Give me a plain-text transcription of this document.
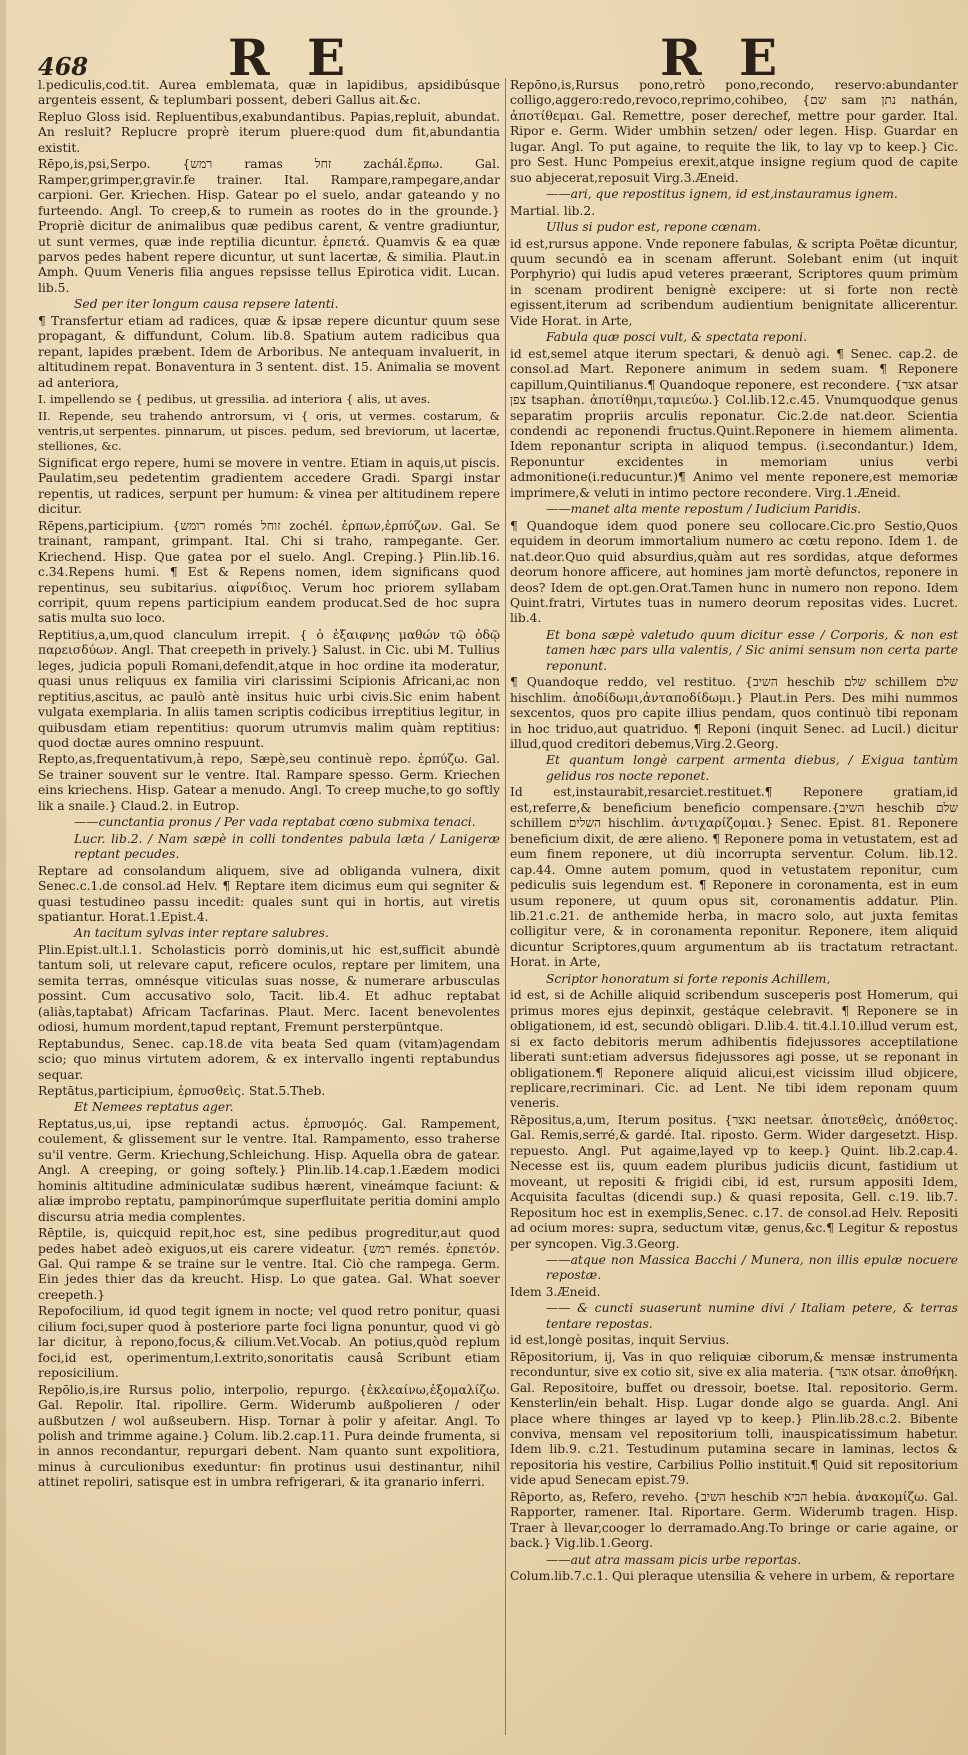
468	R E	R E

l.pediculis,cod.tit. Aurea emblemata, quæ in lapidibus, apsidibúsque argenteis essent, & teplumbari possent, deberi Gallus ait.&c.

Repluo Gloss isid. Repluentibus,exabundantibus. Papias,repluit, abundat. An resluit? Replucre proprè iterum pluere:quod dum fit,abundantia existit.

Rēpo,is,psi,Serpo. {רמש ramas זחל zachál.ἕρπω. Gal. Ramper,grimper,gravir.fe trainer. Ital. Rampare,rampegare,andar carpioni. Ger. Kriechen. Hisp. Gatear po el suelo, andar gateando y no furteendo. Angl. To creep,& to rumein as rootes do in the grounde.} Propriè dicitur de animalibus quæ pedibus carent, & ventre gradiuntur, ut sunt vermes, quæ inde reptilia dicuntur. ἑρπετά. Quamvis & ea quæ parvos pedes habent repere dicuntur, ut sunt lacertæ, & similia. Plaut.in Amph. Quum Veneris filia angues repsisse tellus Epirotica vidit. Lucan. lib.5.

Sed per iter longum causa repsere latenti.

¶ Transfertur etiam ad radices, quæ & ipsæ repere dicuntur quum sese propagant, & diffundunt, Colum. lib.8. Spatium autem radicibus qua repant, lapides præbent. Idem de Arboribus. Ne antequam invaluerit, in altitudinem repat. Bonaventura in 3 sentent. dist. 15. Animalia se movent ad anteriora,

I. impellendo se { pedibus, ut gressilia. ad interiora { alis, ut aves.

II. Repende, seu trahendo antrorsum, vi { oris, ut vermes. costarum, & ventris,ut serpentes. pinnarum, ut pisces. pedum, sed breviorum, ut lacertæ, stelliones, &c.

Significat ergo repere, humi se movere in ventre. Etiam in aquis,ut piscis. Paulatim,seu pedetentim gradientem accedere Gradi. Spargi instar repentis, ut radices, serpunt per humum: & vinea per altitudinem repere dicitur.

Rēpens,participium. {רומש romés זוחל zochél. ἑρπων,ἑρπύζων. Gal. Se trainant, rampant, grimpant. Ital. Chi si traho, rampegante. Ger. Kriechend. Hisp. Que gatea por el suelo. Angl. Creping.} Plin.lib.16. c.34.Repens humi. ¶ Est & Repens nomen, idem significans quod repentinus, seu subitarius. αἰφνίδιος. Verum hoc priorem syllabam corripit, quum repens participium eandem producat.Sed de hoc supra satis multa suo loco.

Reptitius,a,um,quod clanculum irrepit. { ὁ ἐξαιφνης μαθών τῷ ὁδῷ παρεισδύων. Angl. That creepeth in prively.} Salust. in Cic. ubi M. Tullius leges, judicia populi Romani,defendit,atque in hoc ordine ita moderatur, quasi unus reliquus ex familia viri clarissimi Scipionis Africani,ac non reptitius,ascitus, ac paulò antè insitus huic urbi civis.Sic enim habent vulgata exemplaria. In aliis tamen scriptis codicibus irreptitius legitur, in quibusdam etiam repentitius: quorum utrumvis malim quàm reptitius: quod doctæ aures omnino respuunt.

Repto,as,frequentativum,à repo, Sæpè,seu continuè repo. ἑρπύζω. Gal. Se trainer souvent sur le ventre. Ital. Rampare spesso. Germ. Kriechen eins kriechens. Hisp. Gatear a menudo. Angl. To creep muche,to go softly lik a snaile.} Claud.2. in Eutrop.

——cunctantia pronus / Per vada reptabat cœno submixa tenaci.

Lucr. lib.2. / Nam sæpè in colli tondentes pabula læta / Lanigeræ reptant pecudes.

Reptare ad consolandum aliquem, sive ad obliganda vulnera, dixit Senec.c.1.de consol.ad Helv. ¶ Reptare item dicimus eum qui segniter & quasi testudineo passu incedit: quales sunt qui in hortis, aut viretis spatiantur. Horat.1.Epist.4.

An tacitum sylvas inter reptare salubres.

Plin.Epist.ult.l.1. Scholasticis porrò dominis,ut hic est,sufficit abundè tantum soli, ut relevare caput, reficere oculos, reptare per limitem, una semita terras, omnésque viticulas suas nosse, & numerare arbusculas possint. Cum accusativo solo, Tacit. lib.4. Et adhuc reptabat (aliàs,taptabat) Africam Tacfarinas. Plaut. Merc. Iacent benevolentes odiosi, humum mordent,tapud reptant, Fremunt persterpüntque.

Reptabundus, Senec. cap.18.de vita beata Sed quam (vitam)agendam scio; quo minus virtutem adorem, & ex intervallo ingenti reptabundus sequar.

Reptātus,participium, ἑρπυσθεὶς. Stat.5.Theb.

Et Nemees reptatus ager.

Reptatus,us,ui, ipse reptandi actus. ἑρπυσμός. Gal. Rampement, coulement, & glissement sur le ventre. Ital. Rampamento, esso traherse su'il ventre. Germ. Kriechung,Schleichung. Hisp. Aquella obra de gatear. Angl. A creeping, or going softely.} Plin.lib.14.cap.1.Eædem modici hominis altitudine adminiculatæ sudibus hærent, vineámque faciunt: & aliæ improbo reptatu, pampinorúmque superfluitate peritia domini amplo discursu atria media complentes.

Rēptile, is, quicquid repit,hoc est, sine pedibus progreditur,aut quod pedes habet adeò exiguos,ut eis carere videatur. {רמש remés. ἑρπετόν. Gal. Qui rampe & se traine sur le ventre. Ital. Ciò che rampega. Germ. Ein jedes thier das da kreucht. Hisp. Lo que gatea. Gal. What soever creepeth.}

Repofocilium, id quod tegit ignem in nocte; vel quod retro ponitur, quasi cilium foci,super quod à posteriore parte foci ligna ponuntur, quod vi gò lar dicitur, à repono,focus,& cilium.Vet.Vocab. An potius,quòd replum foci,id est, operimentum,l.extrito,sonoritatis causâ Scribunt etiam reposicilium.

Repōlio,is,ire Rursus polio, interpolio, repurgo. {ἐκλεαίνω,ἐξομαλίζω. Gal. Repolir. Ital. ripollire. Germ. Widerumb außpolieren / oder außbutzen / wol außseubern. Hisp. Tornar à polir y afeitar. Angl. To polish and trimme againe.} Colum. lib.2.cap.11. Pura deinde frumenta, si in annos recondantur, repurgari debent. Nam quanto sunt expolitiora, minus à curculionibus exeduntur: fin protinus usui destinantur, nihil attinet repoliri, satisque est in umbra refrigerari, & ita granario inferri.

Repōno,is,Rursus pono,retrò pono,recondo, reservo:abundanter colligo,aggero:redo,revoco,reprimo,cohibeo, {שם sam נתן nathán, ἀποτίθεμαι. Gal. Remettre, poser derechef, mettre pour garder. Ital. Ripor e. Germ. Wider umbhin setzen/ oder legen. Hisp. Guardar en lugar. Angl. To put againe, to requite the lik, to lay vp to keep.} Cic. pro Sest. Hunc Pompeius erexit,atque insigne regium quod de capite suo abjecerat,reposuit Virg.3.Æneid.

——ari, que repostitus ignem, id est,instauramus ignem.

Martial. lib.2.

Ullus si pudor est, repone cœnam.

id est,rursus appone. Vnde reponere fabulas, & scripta Poëtæ dicuntur, quum secundò ea in scenam afferunt. Solebant enim (ut inquit Porphyrio) qui ludis apud veteres præerant, Scriptores quum primùm in scenam prodirent benignè excipere: ut si forte non rectè egissent,iterum ad scribendum audientium benignitate allicerentur. Vide Horat. in Arte,

Fabula quæ posci vult, & spectata reponi.

id est,semel atque iterum spectari, & denuò agi. ¶ Senec. cap.2. de consol.ad Mart. Reponere animum in sedem suam. ¶ Reponere capillum,Quintilianus.¶ Quandoque reponere, est recondere. {אצר atsar צפן tsaphan. ἀποτίθημι,ταμιεύω.} Col.lib.12.c.45. Vnumquodque genus separatim propriis arculis reponatur. Cic.2.de nat.deor. Scientia condendi ac reponendi fructus.Quint.Reponere in hiemem alimenta. Idem reponantur scripta in aliquod tempus. (i.secondantur.) Idem, Reponuntur excidentes in memoriam unius verbi admonitione(i.reducuntur.)¶ Animo vel mente reponere,est memoriæ imprimere,& veluti in intimo pectore recondere. Virg.1.Æneid.

——manet alta mente repostum / Iudicium Paridis.

¶ Quandoque idem quod ponere seu collocare.Cic.pro Sestio,Quos equidem in deorum immortalium numero ac cœtu repono. Idem 1. de nat.deor.Quo quid absurdius,quàm aut res sordidas, atque deformes deorum honore afficere, aut homines jam mortè defunctos, reponere in deos? Idem de opt.gen.Orat.Tamen hunc in numero non repono. Idem Quint.fratri, Virtutes tuas in numero deorum repositas vides. Lucret. lib.4.

Et bona sæpè valetudo quum dicitur esse / Corporis, & non est tamen hæc pars ulla valentis, / Sic animi sensum non certa parte reponunt.

¶ Quandoque reddo, vel restituo. {השיב heschib שלם schillem שלם hischlim. ἀποδίδωμι,ἀνταποδίδωμι.} Plaut.in Pers. Des mihi nummos sexcentos, quos pro capite illius pendam, quos continuò tibi reponam in hoc triduo,aut quatriduo. ¶ Reponi (inquit Senec. ad Lucil.) dicitur illud,quod creditori debemus,Virg.2.Georg.

Et quantum longè carpent armenta diebus, / Exigua tantùm gelidus ros nocte reponet.

Id est,instaurabit,resarciet.restituet.¶ Reponere gratiam,id est,referre,& beneficium beneficio compensare.{השיב heschib שלם schillem השלים hischlim. ἀντιχαρίζομαι.} Senec. Epist. 81. Reponere beneficium dixit, de ære alieno. ¶ Reponere poma in vetustatem, est ad eum finem reponere, ut diù incorrupta serventur. Colum. lib.12. cap.44. Omne autem pomum, quod in vetustatem reponitur, cum pediculis suis legendum est. ¶ Reponere in coronamenta, est in eum usum reponere, ut quum opus sit, coronamentis addatur. Plin. lib.21.c.21. de anthemide herba, in macro solo, aut juxta femitas colligitur vere, & in coronamenta reponitur. Reponere, item aliquid dicuntur Scriptores,quum argumentum ab iis tractatum retractant. Horat. in Arte,

Scriptor honoratum si forte reponis Achillem,

id est, si de Achille aliquid scribendum susceperis post Homerum, qui primus mores ejus depinxit, gestáque celebravit. ¶ Reponere se in obligationem, id est, secundò obligari. D.lib.4. tit.4.l.10.illud verum est, si ex facto debitoris merum adhibentis fidejussores acceptilatione liberati sunt:etiam adversus fidejussores agi posse, ut se reponant in obligationem.¶ Reponere aliquid alicui,est vicissim illud objicere, replicare,recriminari. Cic. ad Lent. Ne tibi idem reponam quum veneris.

Rēpositus,a,um, Iterum positus. {נאצר neetsar. ἀποτεθεὶς, ἀπόθετος. Gal. Remis,serré,& gardé. Ital. riposto. Germ. Wider dargesetzt. Hisp. repuesto. Angl. Put agaime,layed vp to keep.} Quint. lib.2.cap.4. Necesse est iis, quum eadem pluribus judiciis dicunt, fastidium ut moveant, ut repositi & frigidi cibi, id est, rursum appositi Idem, Acquisita facultas (dicendi sup.) & quasi reposita, Gell. c.19. lib.7. Repositum hoc est in exemplis,Senec. c.17. de consol.ad Helv. Repositi ad ocium mores: supra, seductum vitæ, genus,&c.¶ Legitur & repostus per syncopen. Vig.3.Georg.

——atque non Massica Bacchi / Munera, non illis epulæ nocuere repostæ.

Idem 3.Æneid.

—— & cuncti suaserunt numine divi / Italiam petere, & terras tentare repostas.

id est,longè positas, inquit Servius.

Rēpositorium, ij, Vas in quo reliquiæ ciborum,& mensæ instrumenta reconduntur, sive ex cotio sit, sive ex alia materia. {אוצר otsar. ἀποθήκη. Gal. Repositoire, buffet ou dressoir, boetse. Ital. repositorio. Germ. Kensterlin/ein behalt. Hisp. Lugar donde algo se guarda. Angl. Ani place where thinges ar layed vp to keep.} Plin.lib.28.c.2. Bibente conviva, mensam vel repositorium tolli, inauspicatissimum habetur. Idem lib.9. c.21. Testudinum putamina secare in laminas, lectos & repositoria his vestire, Carbilius Pollio instituit.¶ Quid sit repositorium vide apud Senecam epist.79.

Rēporto, as, Refero, reveho. {השיב heschib הביא hebia. ἀνακομίζω. Gal. Rapporter, ramener. Ital. Riportare. Germ. Widerumb tragen. Hisp. Traer à llevar,cooger lo derramado.Ang.To bringe or carie againe, or back.} Vig.lib.1.Georg.

——aut atra massam picis urbe reportas.

Colum.lib.7.c.1. Qui pleraque utensilia & vehere in urbem, & reportare
